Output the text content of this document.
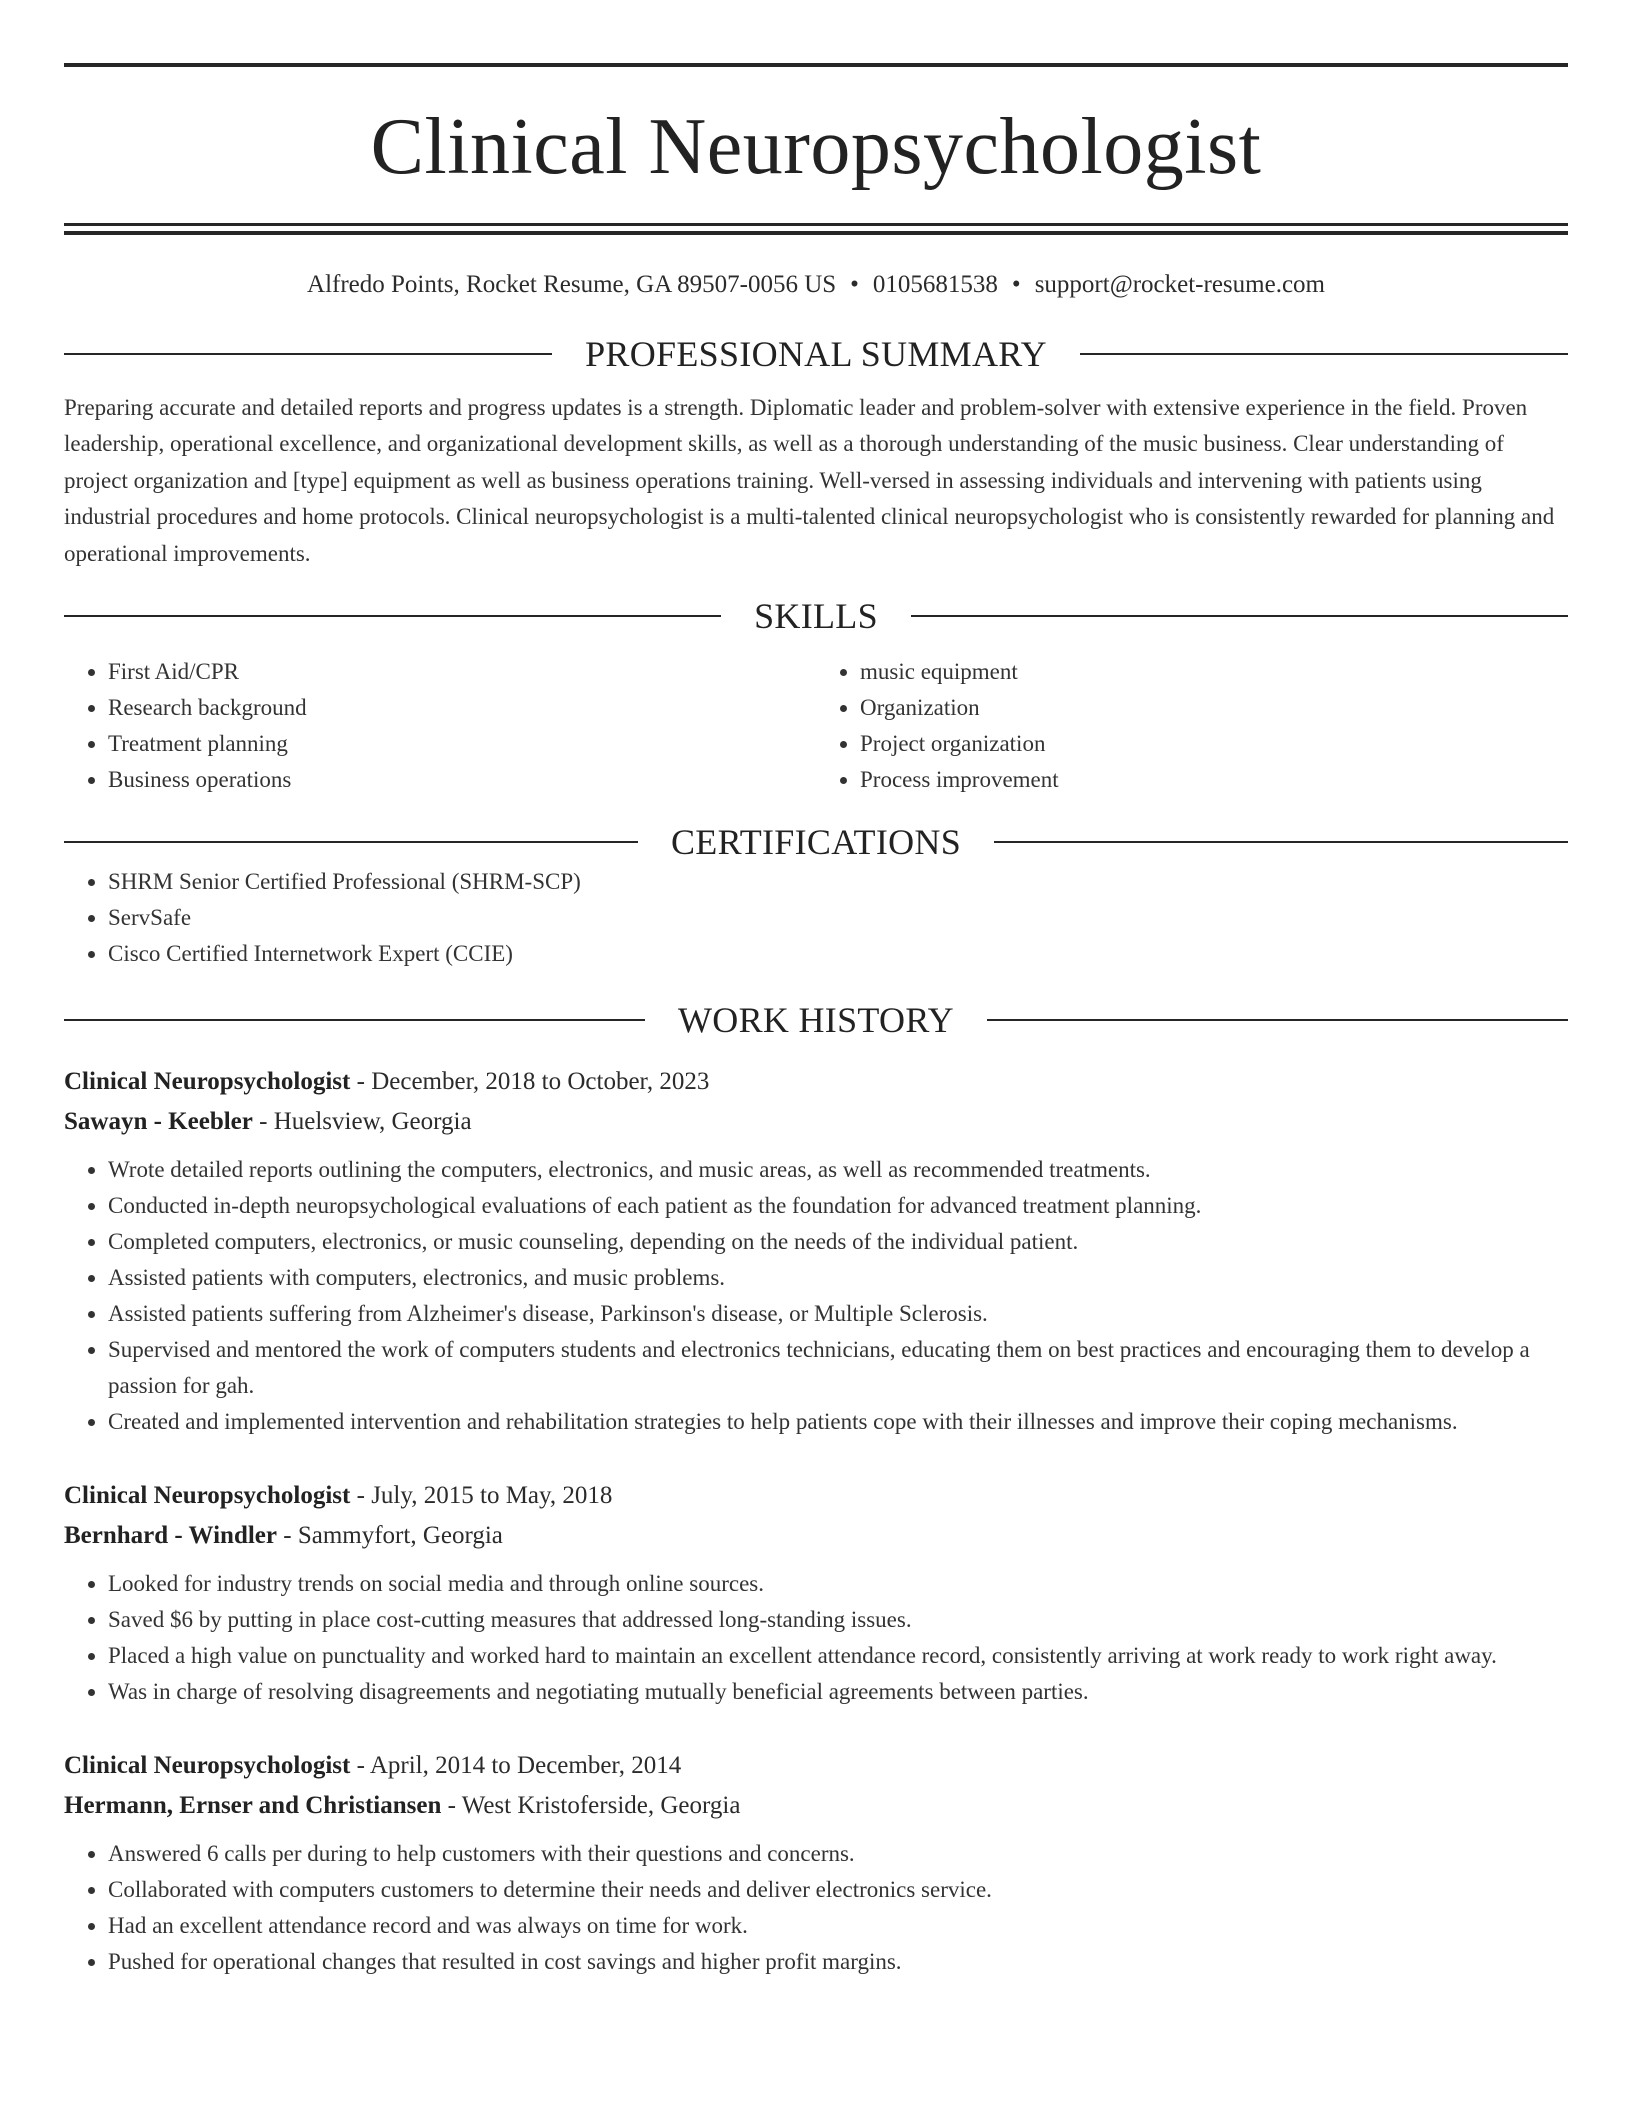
Clinical Neuropsychologist
Alfredo Points, Rocket Resume, GA 89507-0056 US • 0105681538 • support@rocket-resume.com
PROFESSIONAL SUMMARY
Preparing accurate and detailed reports and progress updates is a strength. Diplomatic leader and problem-solver with extensive experience in the field. Proven leadership, operational excellence, and organizational development skills, as well as a thorough understanding of the music business. Clear understanding of project organization and [type] equipment as well as business operations training. Well-versed in assessing individuals and intervening with patients using industrial procedures and home protocols. Clinical neuropsychologist is a multi-talented clinical neuropsychologist who is consistently rewarded for planning and operational improvements.
SKILLS
• First Aid/CPR
• Research background
• Treatment planning
• Business operations
• music equipment
• Organization
• Project organization
• Process improvement
CERTIFICATIONS
• SHRM Senior Certified Professional (SHRM-SCP)
• ServSafe
• Cisco Certified Internetwork Expert (CCIE)
WORK HISTORY
Clinical Neuropsychologist - December, 2018 to October, 2023
Sawayn - Keebler - Huelsview, Georgia
• Wrote detailed reports outlining the computers, electronics, and music areas, as well as recommended treatments.
• Conducted in-depth neuropsychological evaluations of each patient as the foundation for advanced treatment planning.
• Completed computers, electronics, or music counseling, depending on the needs of the individual patient.
• Assisted patients with computers, electronics, and music problems.
• Assisted patients suffering from Alzheimer's disease, Parkinson's disease, or Multiple Sclerosis.
• Supervised and mentored the work of computers students and electronics technicians, educating them on best practices and encouraging them to develop a passion for gah.
• Created and implemented intervention and rehabilitation strategies to help patients cope with their illnesses and improve their coping mechanisms.
Clinical Neuropsychologist - July, 2015 to May, 2018
Bernhard - Windler - Sammyfort, Georgia
• Looked for industry trends on social media and through online sources.
• Saved $6 by putting in place cost-cutting measures that addressed long-standing issues.
• Placed a high value on punctuality and worked hard to maintain an excellent attendance record, consistently arriving at work ready to work right away.
• Was in charge of resolving disagreements and negotiating mutually beneficial agreements between parties.
Clinical Neuropsychologist - April, 2014 to December, 2014
Hermann, Ernser and Christiansen - West Kristoferside, Georgia
• Answered 6 calls per during to help customers with their questions and concerns.
• Collaborated with computers customers to determine their needs and deliver electronics service.
• Had an excellent attendance record and was always on time for work.
• Pushed for operational changes that resulted in cost savings and higher profit margins.
